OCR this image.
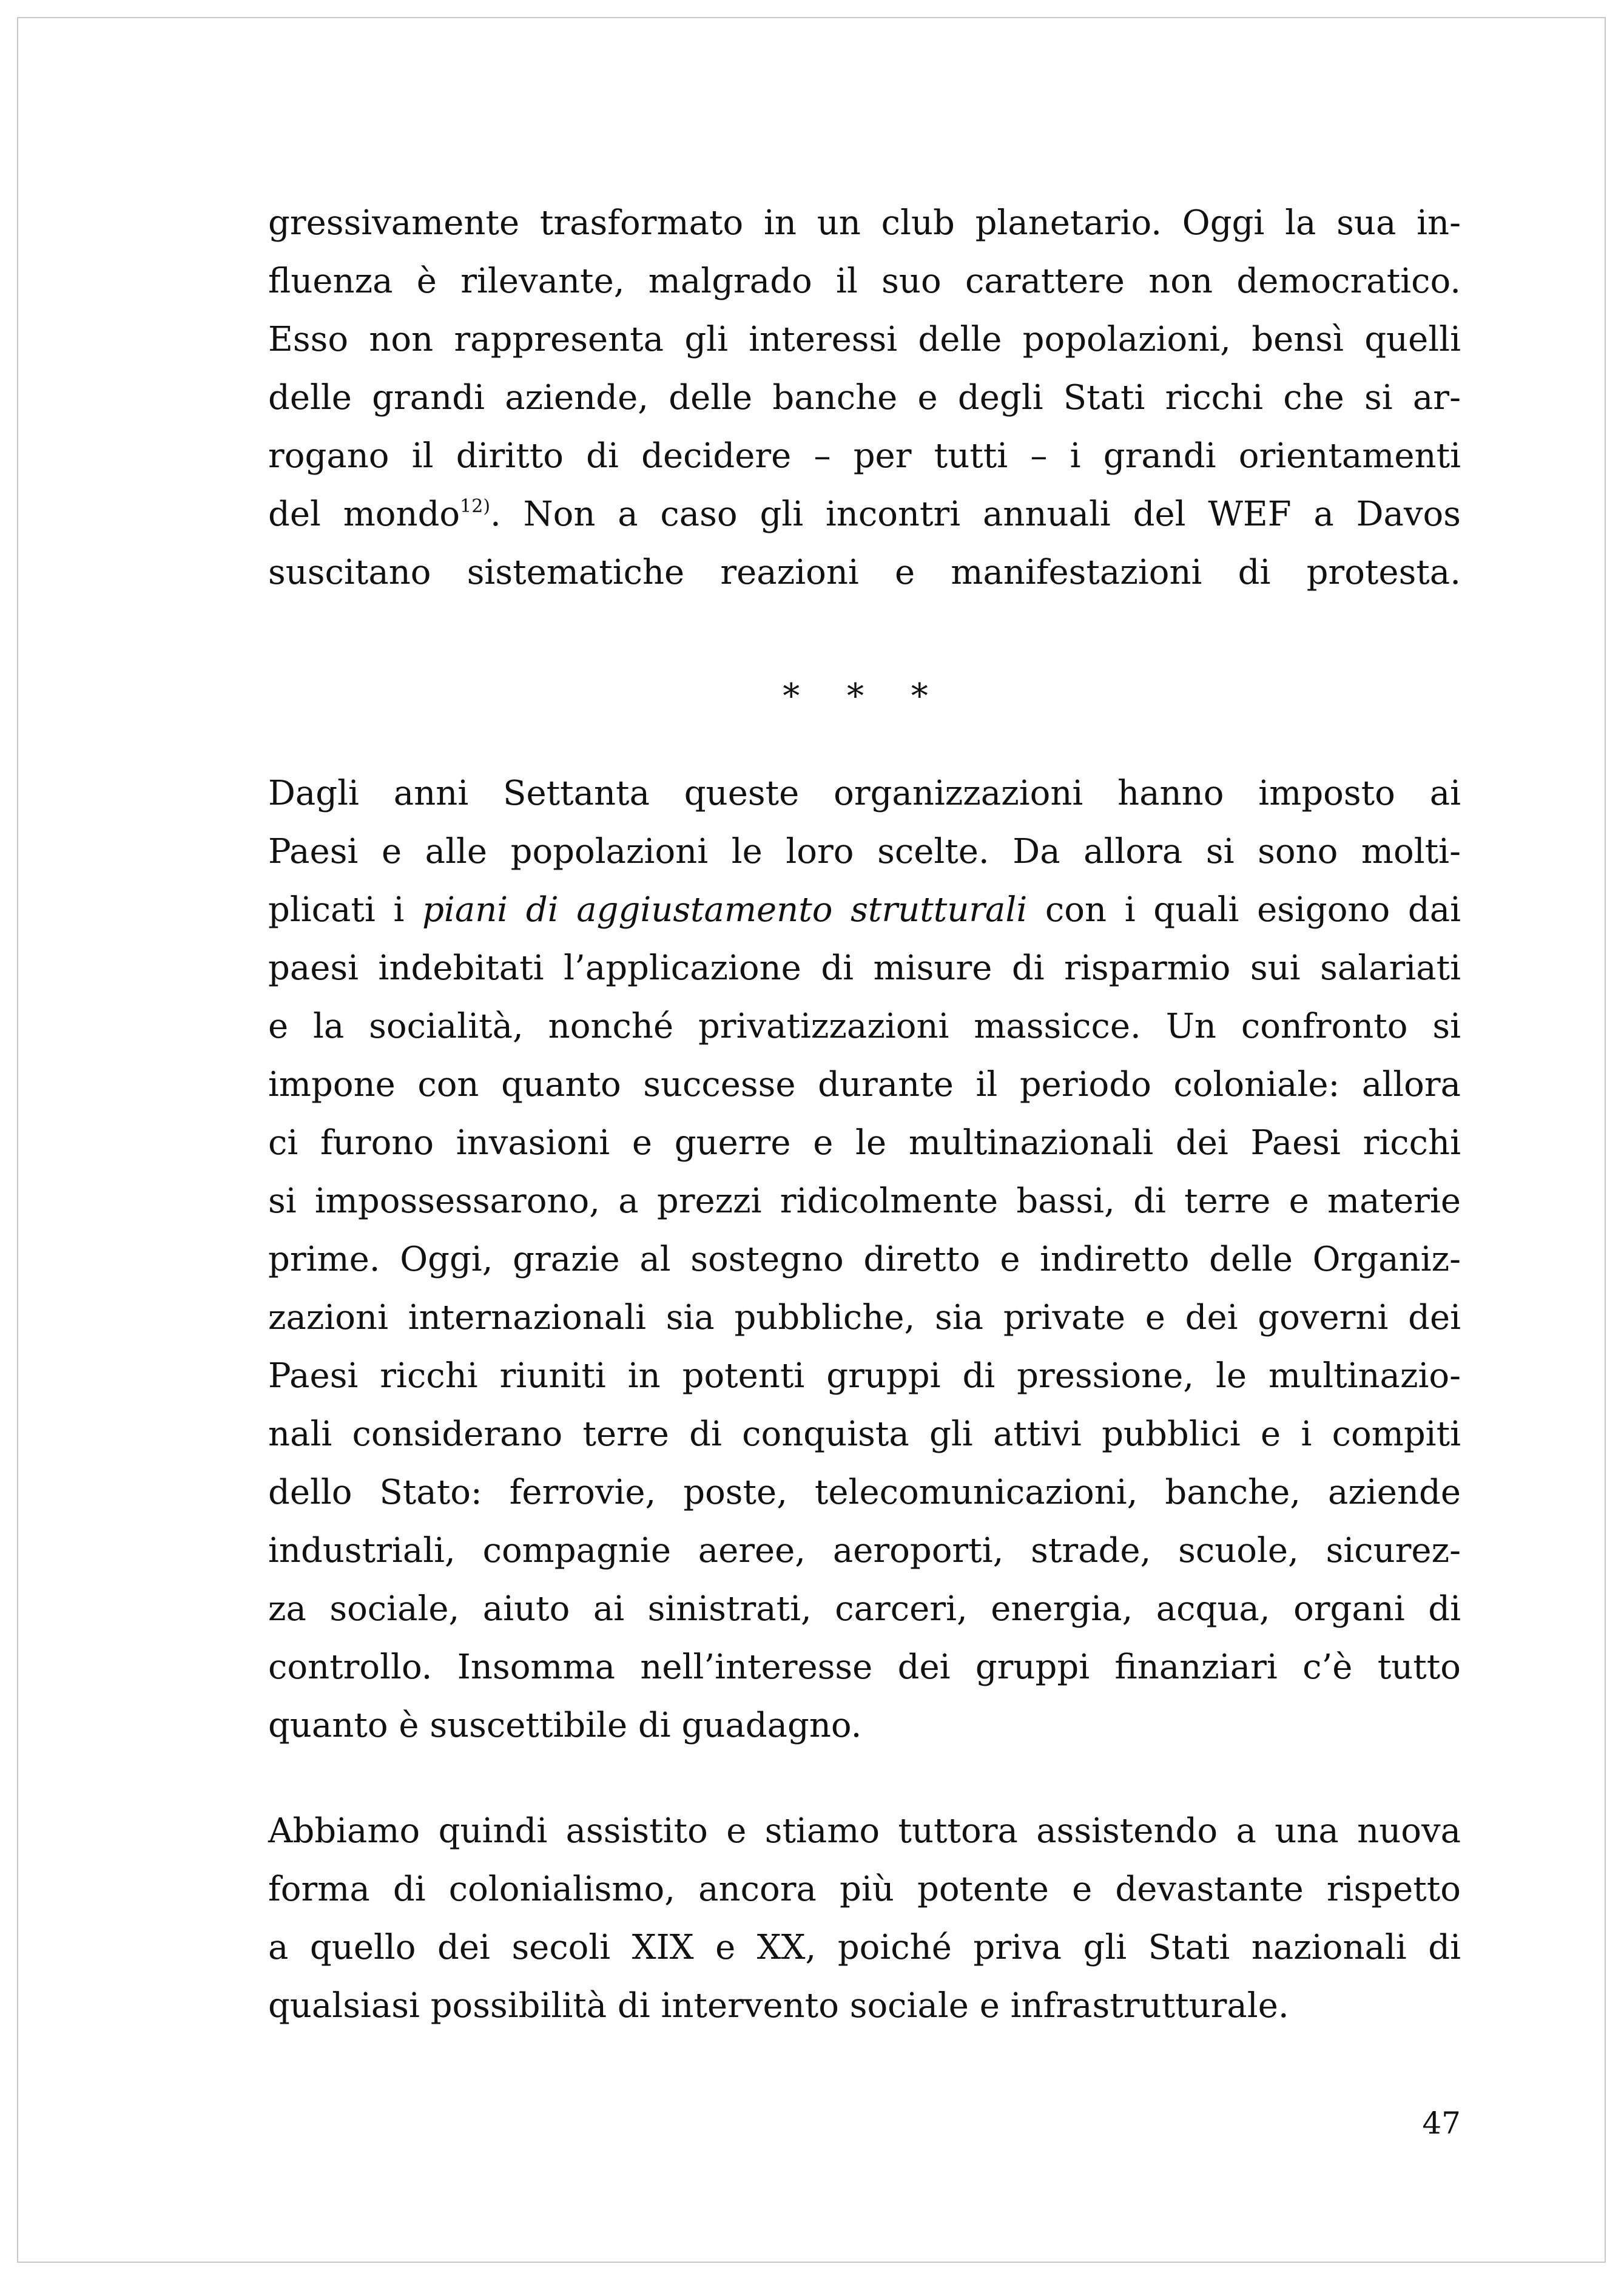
gressivamente trasformato in un club planetario. Oggi la sua in-
fluenza è rilevante, malgrado il suo carattere non democratico.
Esso non rappresenta gli interessi delle popolazioni, bensì quelli
delle grandi aziende, delle banche e degli Stati ricchi che si ar-
rogano il diritto di decidere – per tutti – i grandi orientamenti
del mondo$^{12)}$. Non a caso gli incontri annuali del WEF a Davos
suscitano sistematiche reazioni e manifestazioni di protesta.

* * *

Dagli anni Settanta queste organizzazioni hanno imposto ai
Paesi e alle popolazioni le loro scelte. Da allora si sono molti-
plicati i piani di aggiustamento strutturali con i quali esigono dai
paesi indebitati l’applicazione di misure di risparmio sui salariati
e la socialità, nonché privatizzazioni massicce. Un confronto si
impone con quanto successe durante il periodo coloniale: allora
ci furono invasioni e guerre e le multinazionali dei Paesi ricchi
si impossessarono, a prezzi ridicolmente bassi, di terre e materie
prime. Oggi, grazie al sostegno diretto e indiretto delle Organiz-
zazioni internazionali sia pubbliche, sia private e dei governi dei
Paesi ricchi riuniti in potenti gruppi di pressione, le multinazio-
nali considerano terre di conquista gli attivi pubblici e i compiti
dello Stato: ferrovie, poste, telecomunicazioni, banche, aziende
industriali, compagnie aeree, aeroporti, strade, scuole, sicurez-
za sociale, aiuto ai sinistrati, carceri, energia, acqua, organi di
controllo. Insomma nell’interesse dei gruppi finanziari c’è tutto
quanto è suscettibile di guadagno.

Abbiamo quindi assistito e stiamo tuttora assistendo a una nuova
forma di colonialismo, ancora più potente e devastante rispetto
a quello dei secoli XIX e XX, poiché priva gli Stati nazionali di
qualsiasi possibilità di intervento sociale e infrastrutturale.

47
